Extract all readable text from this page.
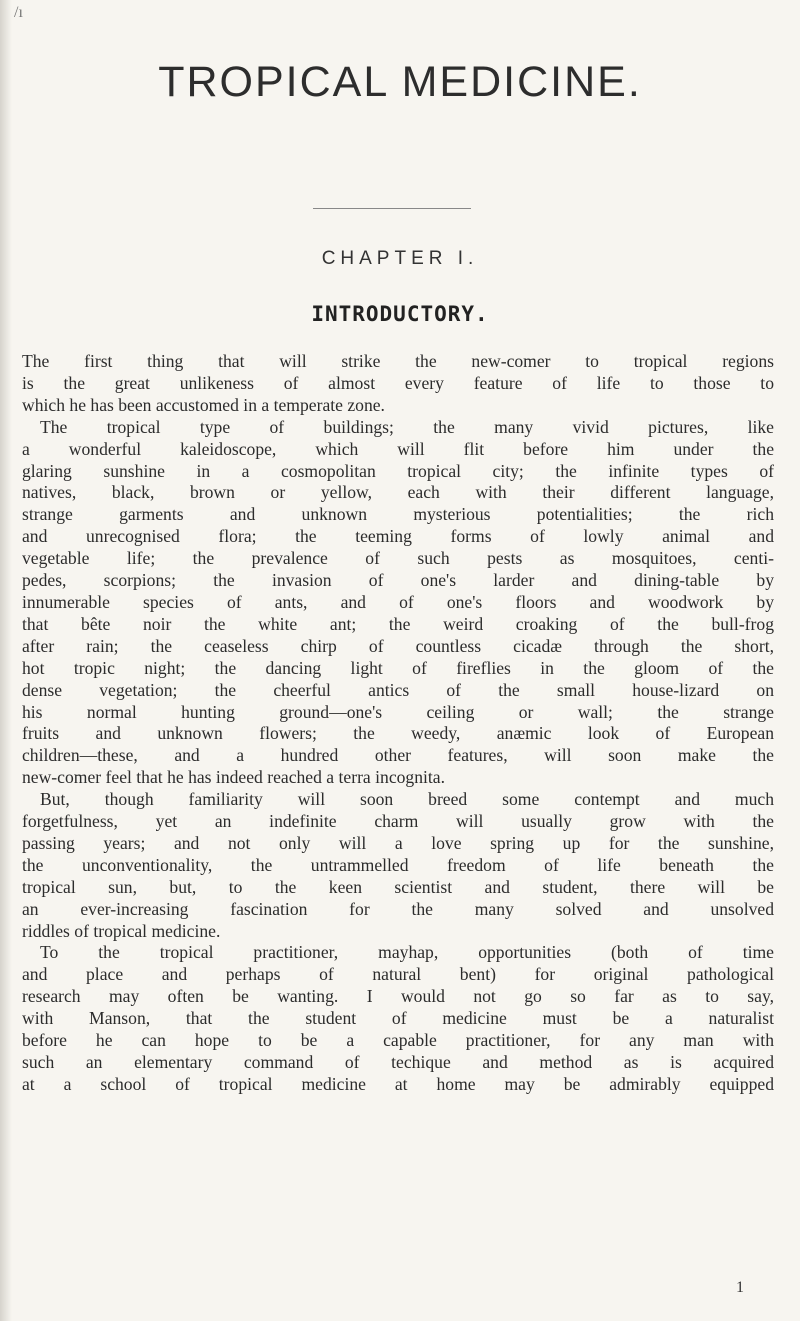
/ı
TROPICAL MEDICINE.
CHAPTER I.
INTRODUCTORY.
The first thing that will strike the new-comer to tropical regions
is the great unlikeness of almost every feature of life to those to
which he has been accustomed in a temperate zone.
The tropical type of buildings; the many vivid pictures, like
a wonderful kaleidoscope, which will flit before him under the
glaring sunshine in a cosmopolitan tropical city; the infinite types of
natives, black, brown or yellow, each with their different language,
strange garments and unknown mysterious potentialities; the rich
and unrecognised flora; the teeming forms of lowly animal and
vegetable life; the prevalence of such pests as mosquitoes, centi-
pedes, scorpions; the invasion of one's larder and dining-table by
innumerable species of ants, and of one's floors and woodwork by
that bête noir the white ant; the weird croaking of the bull-frog
after rain; the ceaseless chirp of countless cicadæ through the short,
hot tropic night; the dancing light of fireflies in the gloom of the
dense vegetation; the cheerful antics of the small house-lizard on
his normal hunting ground—one's ceiling or wall; the strange
fruits and unknown flowers; the weedy, anæmic look of European
children—these, and a hundred other features, will soon make the
new-comer feel that he has indeed reached a terra incognita.
But, though familiarity will soon breed some contempt and much
forgetfulness, yet an indefinite charm will usually grow with the
passing years; and not only will a love spring up for the sunshine,
the unconventionality, the untrammelled freedom of life beneath the
tropical sun, but, to the keen scientist and student, there will be
an ever-increasing fascination for the many solved and unsolved
riddles of tropical medicine.
To the tropical practitioner, mayhap, opportunities (both of time
and place and perhaps of natural bent) for original pathological
research may often be wanting. I would not go so far as to say,
with Manson, that the student of medicine must be a naturalist
before he can hope to be a capable practitioner, for any man with
such an elementary command of techique and method as is acquired
at a school of tropical medicine at home may be admirably equipped
1
